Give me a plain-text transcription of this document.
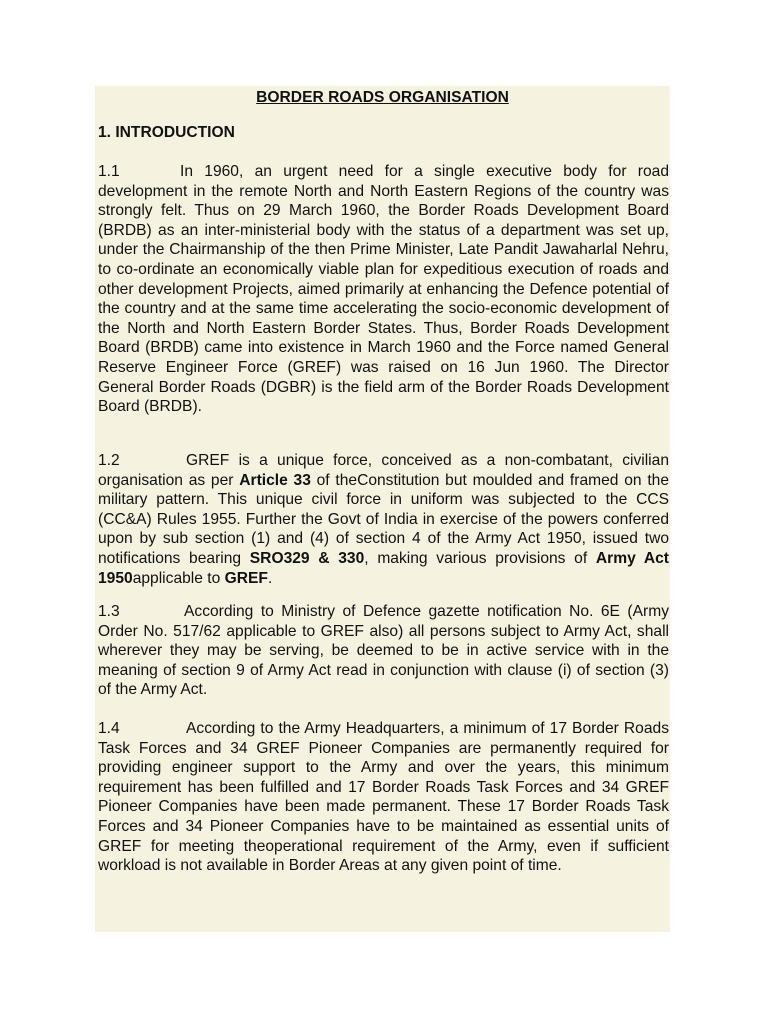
BORDER ROADS ORGANISATION

1. INTRODUCTION

1.1	In 1960, an urgent need for a single executive body for road development in the remote North and North Eastern Regions of the country was strongly felt. Thus on 29 March 1960, the Border Roads Development Board (BRDB) as an inter-ministerial body with the status of a department was set up, under the Chairmanship of the then Prime Minister, Late Pandit Jawaharlal Nehru, to co-ordinate an economically viable plan for expeditious execution of roads and other development Projects, aimed primarily at enhancing the Defence potential of the country and at the same time accelerating the socio-economic development of the North and North Eastern Border States. Thus, Border Roads Development Board (BRDB) came into existence in March 1960 and the Force named General Reserve Engineer Force (GREF) was raised on 16 Jun 1960. The Director General Border Roads (DGBR) is the field arm of the Border Roads Development Board (BRDB).

1.2	GREF is a unique force, conceived as a non-combatant, civilian organisation as per Article 33 of theConstitution but moulded and framed on the military pattern. This unique civil force in uniform was subjected to the CCS (CC&A) Rules 1955. Further the Govt of India in exercise of the powers conferred upon by sub section (1) and (4) of section 4 of the Army Act 1950, issued two notifications bearing SRO329 & 330, making various provisions of Army Act 1950applicable to GREF.

1.3	According to Ministry of Defence gazette notification No. 6E (Army Order No. 517/62 applicable to GREF also) all persons subject to Army Act, shall wherever they may be serving, be deemed to be in active service with in the meaning of section 9 of Army Act read in conjunction with clause (i) of section (3) of the Army Act.

1.4	According to the Army Headquarters, a minimum of 17 Border Roads Task Forces and 34 GREF Pioneer Companies are permanently required for providing engineer support to the Army and over the years, this minimum requirement has been fulfilled and 17 Border Roads Task Forces and 34 GREF Pioneer Companies have been made permanent. These 17 Border Roads Task Forces and 34 Pioneer Companies have to be maintained as essential units of GREF for meeting theoperational requirement of the Army, even if sufficient workload is not available in Border Areas at any given point of time.
